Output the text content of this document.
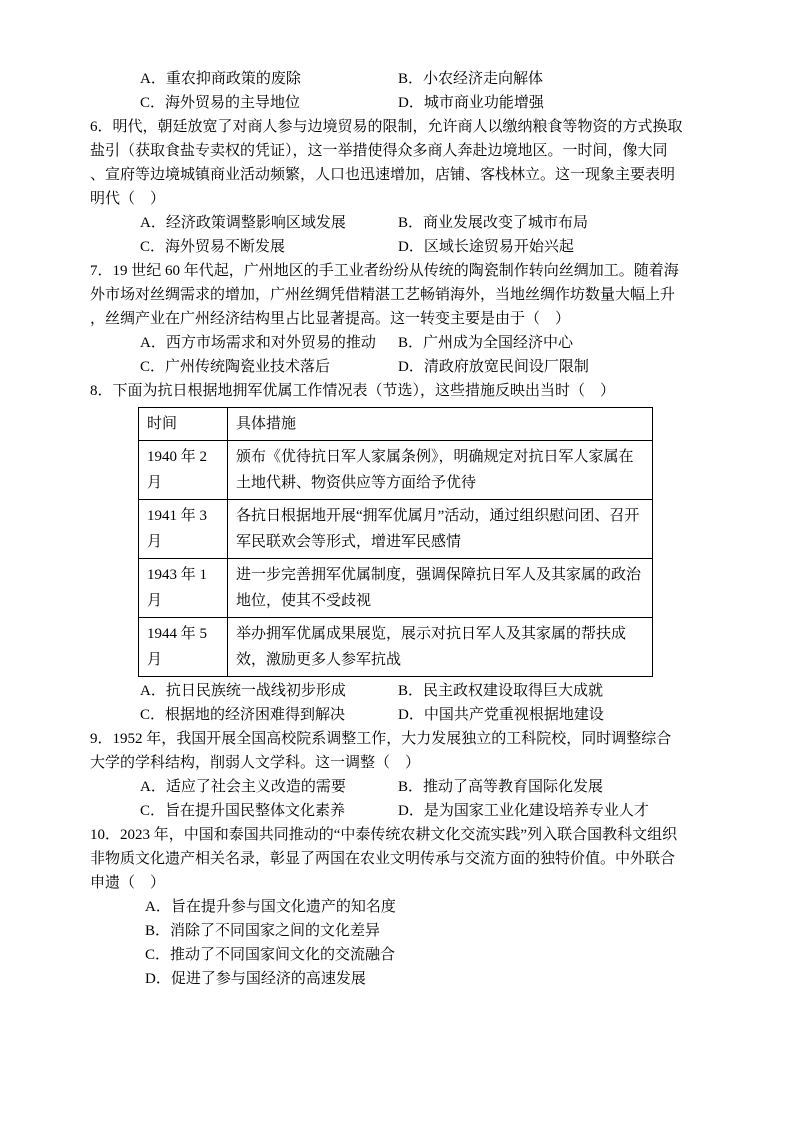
A．重农抑商政策的废除	B．小农经济走向解体
C．海外贸易的主导地位	D．城市商业功能增强
6．明代，朝廷放宽了对商人参与边境贸易的限制，允许商人以缴纳粮食等物资的方式换取
盐引（获取食盐专卖权的凭证），这一举措使得众多商人奔赴边境地区。一时间，像大同
、宣府等边境城镇商业活动频繁，人口也迅速增加，店铺、客栈林立。这一现象主要表明
明代（　）
A．经济政策调整影响区域发展	B．商业发展改变了城市布局
C．海外贸易不断发展	D．区域长途贸易开始兴起
7．19 世纪 60 年代起，广州地区的手工业者纷纷从传统的陶瓷制作转向丝绸加工。随着海
外市场对丝绸需求的增加，广州丝绸凭借精湛工艺畅销海外，当地丝绸作坊数量大幅上升
，丝绸产业在广州经济结构里占比显著提高。这一转变主要是由于（　）
A．西方市场需求和对外贸易的推动	B．广州成为全国经济中心
C．广州传统陶瓷业技术落后	D．清政府放宽民间设厂限制
8．下面为抗日根据地拥军优属工作情况表（节选），这些措施反映出当时（　）
时间	具体措施
1940 年 2 月	颁布《优待抗日军人家属条例》，明确规定对抗日军人家属在土地代耕、物资供应等方面给予优待
1941 年 3 月	各抗日根据地开展“拥军优属月”活动，通过组织慰问团、召开军民联欢会等形式，增进军民感情
1943 年 1 月	进一步完善拥军优属制度，强调保障抗日军人及其家属的政治地位，使其不受歧视
1944 年 5 月	举办拥军优属成果展览，展示对抗日军人及其家属的帮扶成效，激励更多人参军抗战
A．抗日民族统一战线初步形成	B．民主政权建设取得巨大成就
C．根据地的经济困难得到解决	D．中国共产党重视根据地建设
9．1952 年，我国开展全国高校院系调整工作，大力发展独立的工科院校，同时调整综合
大学的学科结构，削弱人文学科。这一调整（　）
A．适应了社会主义改造的需要	B．推动了高等教育国际化发展
C．旨在提升国民整体文化素养	D．是为国家工业化建设培养专业人才
10．2023 年，中国和泰国共同推动的“中泰传统农耕文化交流实践”列入联合国教科文组织
非物质文化遗产相关名录，彰显了两国在农业文明传承与交流方面的独特价值。中外联合
申遗（　）
A．旨在提升参与国文化遗产的知名度
B．消除了不同国家之间的文化差异
C．推动了不同国家间文化的交流融合
D．促进了参与国经济的高速发展
